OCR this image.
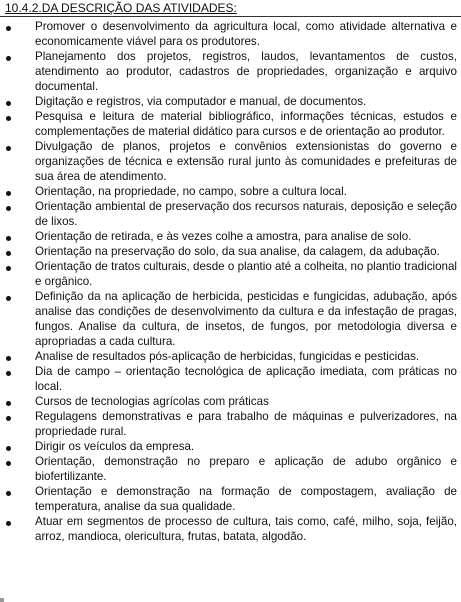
10.4.2.DA DESCRIÇÃO DAS ATIVIDADES:
Promover o desenvolvimento da agricultura local, como atividade alternativa e economicamente viável para os produtores.
Planejamento dos projetos, registros, laudos, levantamentos de custos, atendimento ao produtor, cadastros de propriedades, organização e arquivo documental.
Digitação e registros, via computador e manual, de documentos.
Pesquisa e leitura de material bibliográfico, informações técnicas, estudos e complementações de material didático para cursos e de orientação ao produtor.
Divulgação de planos, projetos e convênios extensionistas do governo e organizações de técnica e extensão rural junto às comunidades e prefeituras de sua área de atendimento.
Orientação, na propriedade, no campo, sobre a cultura local.
Orientação ambiental de preservação dos recursos naturais, deposição e seleção de lixos.
Orientação de retirada, e às vezes colhe a amostra, para analise de solo.
Orientação na preservação do solo, da sua analise, da calagem, da adubação.
Orientação de tratos culturais, desde o plantio até a colheita, no plantio tradicional e orgânico.
Definição da na aplicação de herbicida, pesticidas e fungicidas, adubação, após analise das condições de desenvolvimento da cultura e da infestação de pragas, fungos. Analise da cultura, de insetos, de fungos, por metodologia diversa e apropriadas a cada cultura.
Analise de resultados pós-aplicação de herbicidas, fungicidas e pesticidas.
Dia de campo – orientação tecnológica de aplicação imediata, com práticas no local.
Cursos de tecnologias agrícolas com práticas
Regulagens demonstrativas e para trabalho de máquinas e pulverizadores, na propriedade rural.
Dirigir os veículos da empresa.
Orientação, demonstração no preparo e aplicação de adubo orgânico e biofertilizante.
Orientação e demonstração na formação de compostagem, avaliação de temperatura, analise da sua qualidade.
Atuar em segmentos de processo de cultura, tais como, café, milho, soja, feijão, arroz, mandioca, olericultura, frutas, batata, algodão.
